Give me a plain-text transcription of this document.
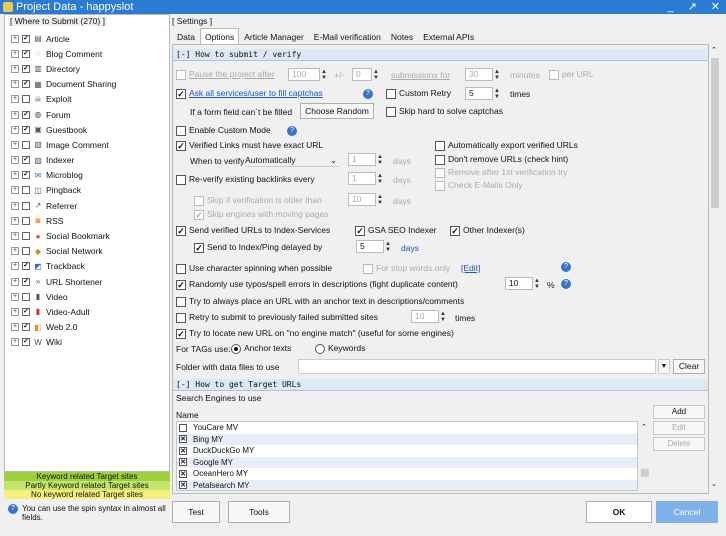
Project Data - happyslot	_ ↗ ✕
[ Where to Submit (270) ]
+ ✓ ▤ Article
+ ✓ ◌ Blog Comment
+ ✓ ▥ Directory
+ ✓ ▦ Document Sharing
+ ☠ Exploit
+ ✓ ◍ Forum
+ ✓ ▣ Guestbook
+ ▧ Image Comment
+ ✓ ▨ Indexer
+ ✓ ✉ Microblog
+ ◫ Pingback
+ ↗ Referrer
+	◙ RSS
+	● Social Bookmark
+ ◆ Social Network
+ ✓ ◩ Trackback
+ ✓ » URL Shortener
+	▮ Video
+ ✓ ▮ Video-Adult
+ ✓ ◧ Web 2.0
+ ✓ W Wiki
Keyword related Target sites
Partly Keyword related Target sites
No keyword related Target sites
? You can use the spin syntax in almost all fields.
[ Settings ]
Data	Options	Article Manager	E-Mail verification	Notes	External APIs
[-] How to submit / verify
Pause the project after	100 ▲
▼ +/-	0 ▲
▼ submissions for	30	▲
▼ minutes	per URL
✓ Ask all services/user to fill captchas	?	Custom Retry	5	▲
▼ times
If a form field can`t be filled	Choose Random	Skip hard to solve captchas
Enable Custom Mode	?
✓ Verified Links must have exact URL	Automatically export verified URLs
When to verify Automatically	⌄	1	▲
▼ days	Don't remove URLs (check hint)
Remove after 1st verification try
Check E-Mails Only
Re-verify existing backlinks every	1	▲
▼ days
Skip if verification is older than	10	▲
▼ days
✓ Skip engines with moving pages
✓ Send verified URLs to Index-Services	✓ GSA SEO Indexer ✓ Other Indexer(s)
✓ Send to Index/Ping delayed by	5	▲
▼ days
Use character spinning when possible	For stop words only [Edit]	?
✓ Randomly use typos/spell errors in descriptions (fight duplicate content)	10	▲
▼ %	?
Try to always place an URL with an anchor text in descriptions/comments
Retry to submit to previously failed submitted sites	10	▲
▼ times
✓ Try to locate new URL on "no engine match" (useful for some engines)
For TAGs use:	Anchor texts	Keywords
Folder with data files to use	▼	Clear
[-] How to get Target URLs
Search Engines to use
Name
YouCare MV
✕ Bing MY
✕ DuckDuckGo MY
✕ Google MY
✕ OceanHero MY
✕ Petalsearch MY
⌃
Add
Edit
Delete
⌃
⌄
Test	Tools	OK	Cancel
